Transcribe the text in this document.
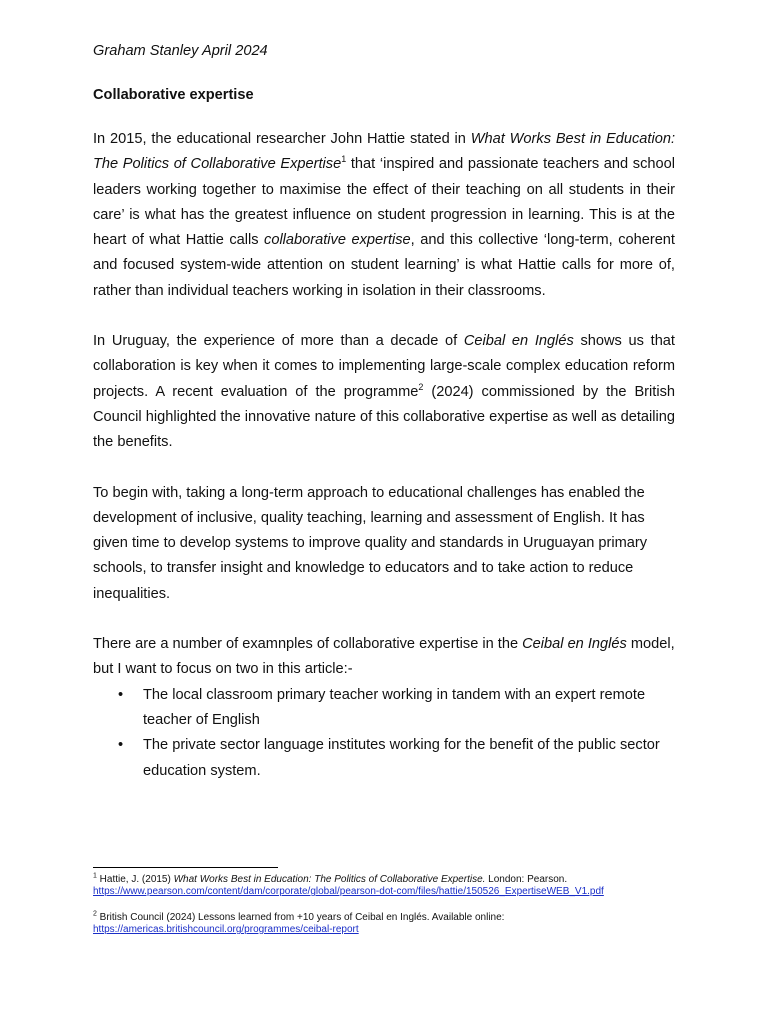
Graham Stanley April 2024

Collaborative expertise

In 2015, the educational researcher John Hattie stated in What Works Best in Education: The Politics of Collaborative Expertise$^1$ that ‘inspired and passionate teachers and school leaders working together to maximise the effect of their teaching on all students in their care’ is what has the greatest influence on student progression in learning. This is at the heart of what Hattie calls collaborative expertise, and this collective ‘long-term, coherent and focused system-wide attention on student learning’ is what Hattie calls for more of, rather than individual teachers working in isolation in their classrooms.

In Uruguay, the experience of more than a decade of Ceibal en Inglés shows us that collaboration is key when it comes to implementing large-scale complex education reform projects. A recent evaluation of the programme$^2$ (2024) commissioned by the British Council highlighted the innovative nature of this collaborative expertise as well as detailing the benefits.

To begin with, taking a long-term approach to educational challenges has enabled the development of inclusive, quality teaching, learning and assessment of English. It has given time to develop systems to improve quality and standards in Uruguayan primary schools, to transfer insight and knowledge to educators and to take action to reduce inequalities.

There are a number of examnples of collaborative expertise in the Ceibal en Inglés model, but I want to focus on two in this article:-

• The local classroom primary teacher working in tandem with an expert remote teacher of English
• The private sector language institutes working for the benefit of the public sector education system.

$^1$ Hattie, J. (2015) What Works Best in Education: The Politics of Collaborative Expertise. London: Pearson.
https://www.pearson.com/content/dam/corporate/global/pearson-dot-com/files/hattie/150526_ExpertiseWEB_V1.pdf

$^2$ British Council (2024) Lessons learned from +10 years of Ceibal en Inglés. Available online:
https://americas.britishcouncil.org/programmes/ceibal-report
